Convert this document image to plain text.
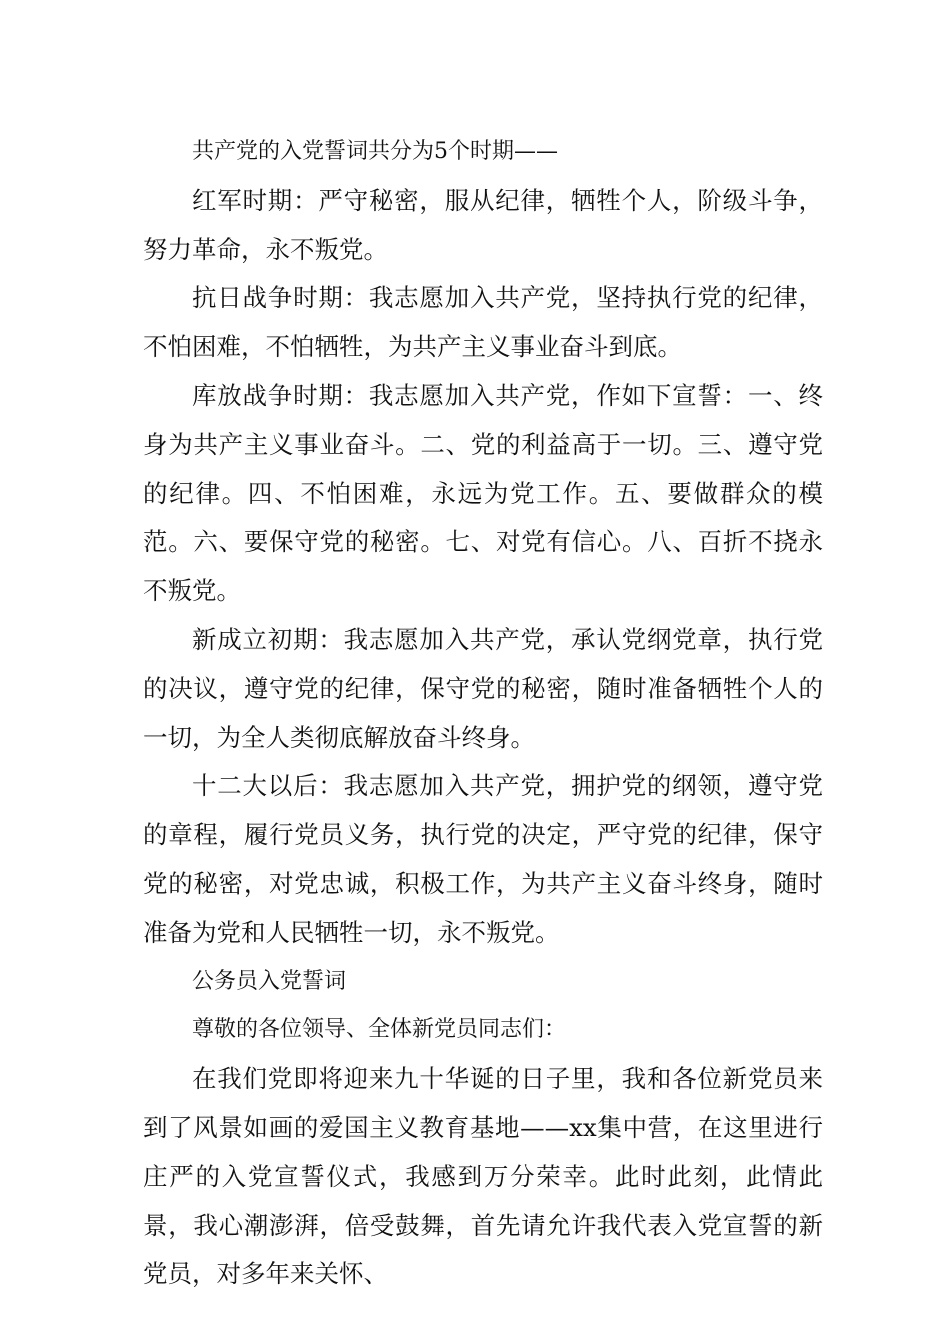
共产党的入党誓词共分为5个时期——

红军时期：严守秘密，服从纪律，牺牲个人，阶级斗争，努力革命，永不叛党。

抗日战争时期：我志愿加入共产党，坚持执行党的纪律，不怕困难，不怕牺牲，为共产主义事业奋斗到底。

库放战争时期：我志愿加入共产党，作如下宣誓：一、终身为共产主义事业奋斗。二、党的利益高于一切。三、遵守党的纪律。四、不怕困难，永远为党工作。五、要做群众的模范。六、要保守党的秘密。七、对党有信心。八、百折不挠永不叛党。

新成立初期：我志愿加入共产党，承认党纲党章，执行党的决议，遵守党的纪律，保守党的秘密，随时准备牺牲个人的一切，为全人类彻底解放奋斗终身。

十二大以后：我志愿加入共产党，拥护党的纲领，遵守党的章程，履行党员义务，执行党的决定，严守党的纪律，保守党的秘密，对党忠诚，积极工作，为共产主义奋斗终身，随时准备为党和人民牺牲一切，永不叛党。

公务员入党誓词

尊敬的各位领导、全体新党员同志们：

在我们党即将迎来九十华诞的日子里，我和各位新党员来到了风景如画的爱国主义教育基地——xx集中营，在这里进行庄严的入党宣誓仪式，我感到万分荣幸。此时此刻，此情此景，我心潮澎湃，倍受鼓舞，首先请允许我代表入党宣誓的新党员，对多年来关怀、
